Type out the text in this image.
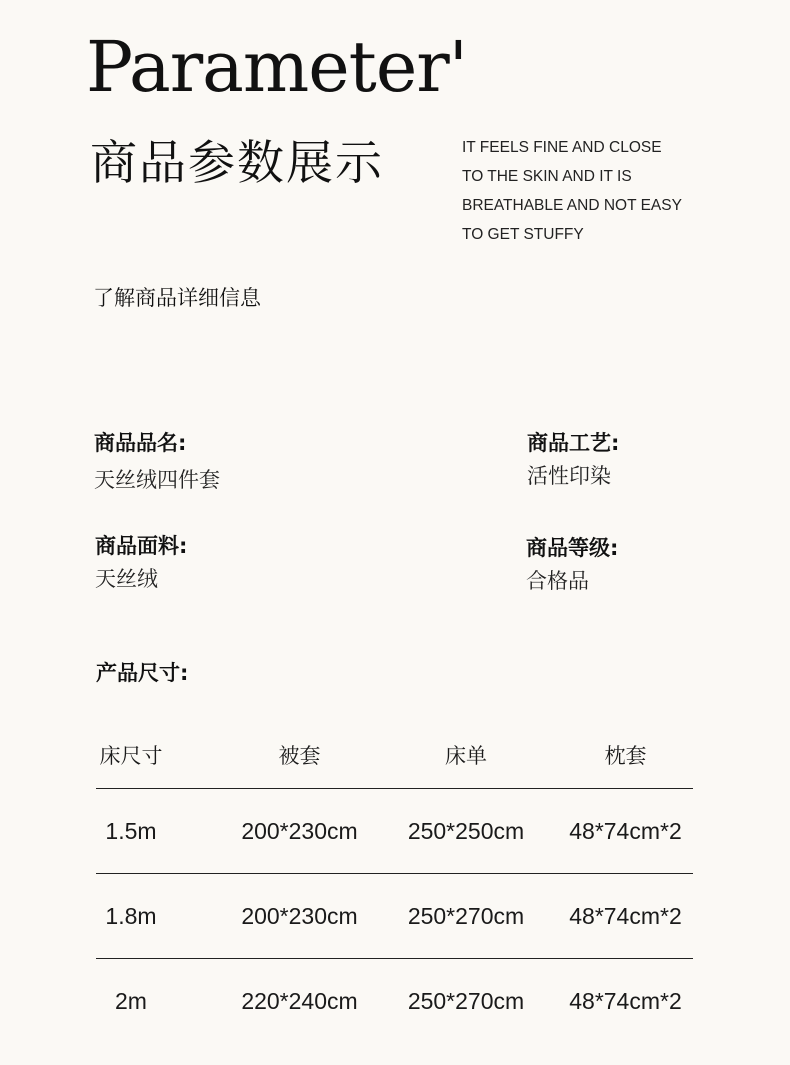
Parameter'
商品参数展示	IT FEELS FINE AND CLOSE
TO THE SKIN AND IT IS
BREATHABLE AND NOT EASY
TO GET STUFFY
了解商品详细信息
商品品名:
天丝绒四件套
商品工艺:
活性印染
商品面料:
天丝绒
商品等级:
合格品
产品尺寸:
床尺寸	被套	床单	枕套
1.5m	200*230cm	250*250cm	48*74cm*2
1.8m	200*230cm	250*270cm	48*74cm*2
2m	220*240cm	250*270cm	48*74cm*2
